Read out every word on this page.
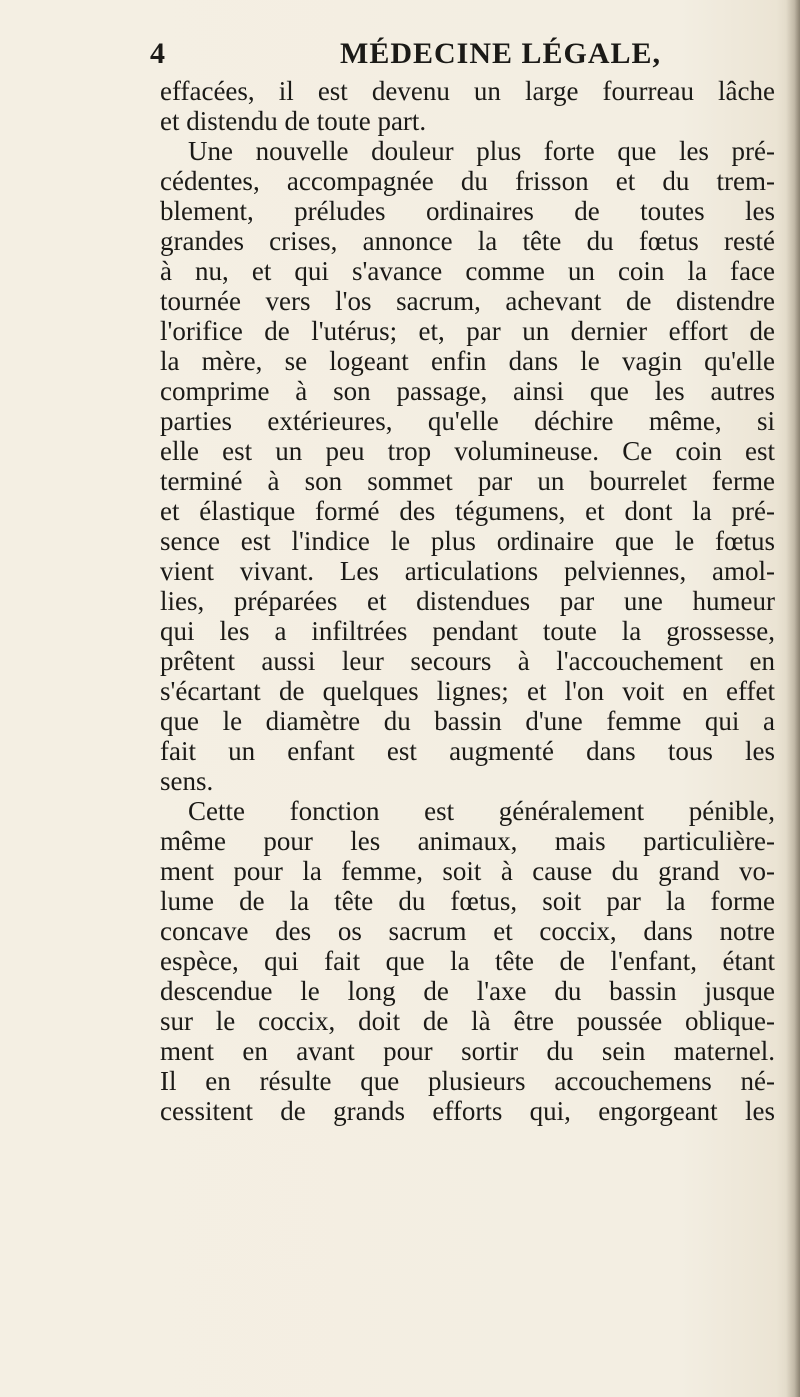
4	MÉDECINE LÉGALE,
effacées, il est devenu un large fourreau lâche
et distendu de toute part.
Une nouvelle douleur plus forte que les pré-
cédentes, accompagnée du frisson et du trem-
blement, préludes ordinaires de toutes les
grandes crises, annonce la tête du fœtus resté
à nu, et qui s'avance comme un coin la face
tournée vers l'os sacrum, achevant de distendre
l'orifice de l'utérus; et, par un dernier effort de
la mère, se logeant enfin dans le vagin qu'elle
comprime à son passage, ainsi que les autres
parties extérieures, qu'elle déchire même, si
elle est un peu trop volumineuse. Ce coin est
terminé à son sommet par un bourrelet ferme
et élastique formé des tégumens, et dont la pré-
sence est l'indice le plus ordinaire que le fœtus
vient vivant. Les articulations pelviennes, amol-
lies, préparées et distendues par une humeur
qui les a infiltrées pendant toute la grossesse,
prêtent aussi leur secours à l'accouchement en
s'écartant de quelques lignes; et l'on voit en effet
que le diamètre du bassin d'une femme qui a
fait un enfant est augmenté dans tous les
sens.
Cette fonction est généralement pénible,
même pour les animaux, mais particulière-
ment pour la femme, soit à cause du grand vo-
lume de la tête du fœtus, soit par la forme
concave des os sacrum et coccix, dans notre
espèce, qui fait que la tête de l'enfant, étant
descendue le long de l'axe du bassin jusque
sur le coccix, doit de là être poussée oblique-
ment en avant pour sortir du sein maternel.
Il en résulte que plusieurs accouchemens né-
cessitent de grands efforts qui, engorgeant les
